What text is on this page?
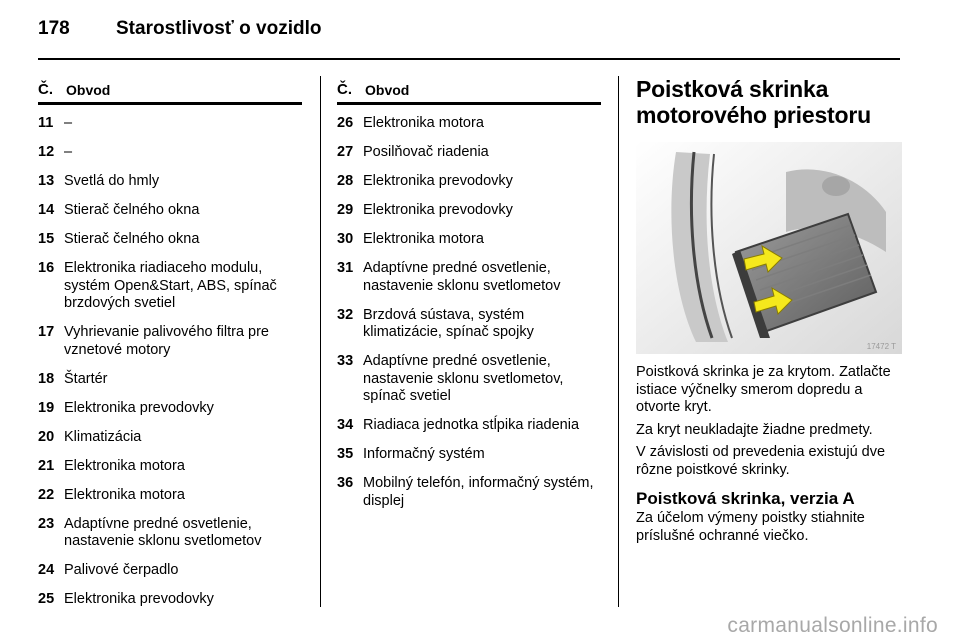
178	Starostlivosť o vozidlo
Č. Obvod
11 –
12 –
13 Svetlá do hmly
14 Stierač čelného okna
15 Stierač čelného okna
16 Elektronika riadiaceho modulu, systém Open&Start, ABS, spínač brzdových svetiel
17 Vyhrievanie palivového filtra pre vznetové motory
18 Štartér
19 Elektronika prevodovky
20 Klimatizácia
21 Elektronika motora
22 Elektronika motora
23 Adaptívne predné osvetlenie, nastavenie sklonu svetlometov
24 Palivové čerpadlo
25 Elektronika prevodovky
Č. Obvod
26 Elektronika motora
27 Posilňovač riadenia
28 Elektronika prevodovky
29 Elektronika prevodovky
30 Elektronika motora
31 Adaptívne predné osvetlenie, nastavenie sklonu svetlometov
32 Brzdová sústava, systém klimatizácie, spínač spojky
33 Adaptívne predné osvetlenie, nastavenie sklonu svetlometov, spínač svetiel
34 Riadiaca jednotka stĺpika riadenia
35 Informačný systém
36 Mobilný telefón, informačný systém, displej
Poistková skrinka motorového priestoru
17472 T

Poistková skrinka je za krytom. Zatlačte istiace výčnelky smerom dopredu a otvorte kryt.

Za kryt neukladajte žiadne predmety.

V závislosti od prevedenia existujú dve rôzne poistkové skrinky.

Poistková skrinka, verzia A

Za účelom výmeny poistky stiahnite príslušné ochranné viečko.

carmanualsonline.info
